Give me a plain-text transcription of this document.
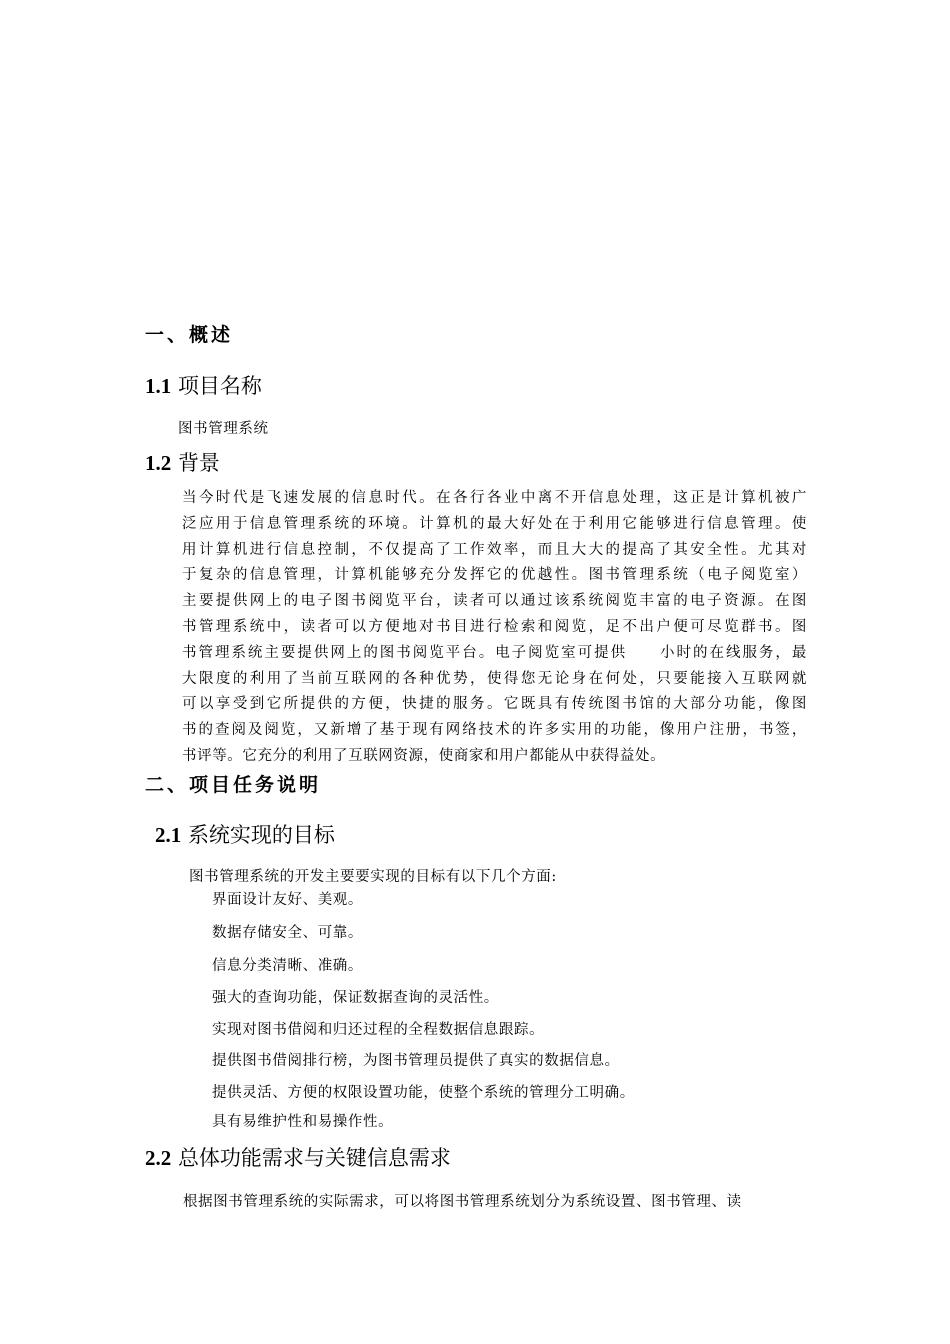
一、概述
1.1 项目名称
图书管理系统
1.2 背景
当今时代是飞速发展的信息时代。在各行各业中离不开信息处理，这正是计算机被广
泛应用于信息管理系统的环境。计算机的最大好处在于利用它能够进行信息管理。使
用计算机进行信息控制，不仅提高了工作效率，而且大大的提高了其安全性。尤其对
于复杂的信息管理，计算机能够充分发挥它的优越性。图书管理系统（电子阅览室）
主要提供网上的电子图书阅览平台，读者可以通过该系统阅览丰富的电子资源。在图
书管理系统中，读者可以方便地对书目进行检索和阅览，足不出户便可尽览群书。图
书管理系统主要提供网上的图书阅览平台。电子阅览室可提供　　小时的在线服务，最
大限度的利用了当前互联网的各种优势，使得您无论身在何处，只要能接入互联网就
可以享受到它所提供的方便，快捷的服务。它既具有传统图书馆的大部分功能，像图
书的查阅及阅览，又新增了基于现有网络技术的许多实用的功能，像用户注册，书签，
书评等。它充分的利用了互联网资源，使商家和用户都能从中获得益处。
二、项目任务说明
2.1 系统实现的目标
图书管理系统的开发主要要实现的目标有以下几个方面:
界面设计友好、美观。
数据存储安全、可靠。
信息分类清晰、准确。
强大的查询功能，保证数据查询的灵活性。
实现对图书借阅和归还过程的全程数据信息跟踪。
提供图书借阅排行榜，为图书管理员提供了真实的数据信息。
提供灵活、方便的权限设置功能，使整个系统的管理分工明确。
具有易维护性和易操作性。
2.2 总体功能需求与关键信息需求
根据图书管理系统的实际需求，可以将图书管理系统划分为系统设置、图书管理、读
